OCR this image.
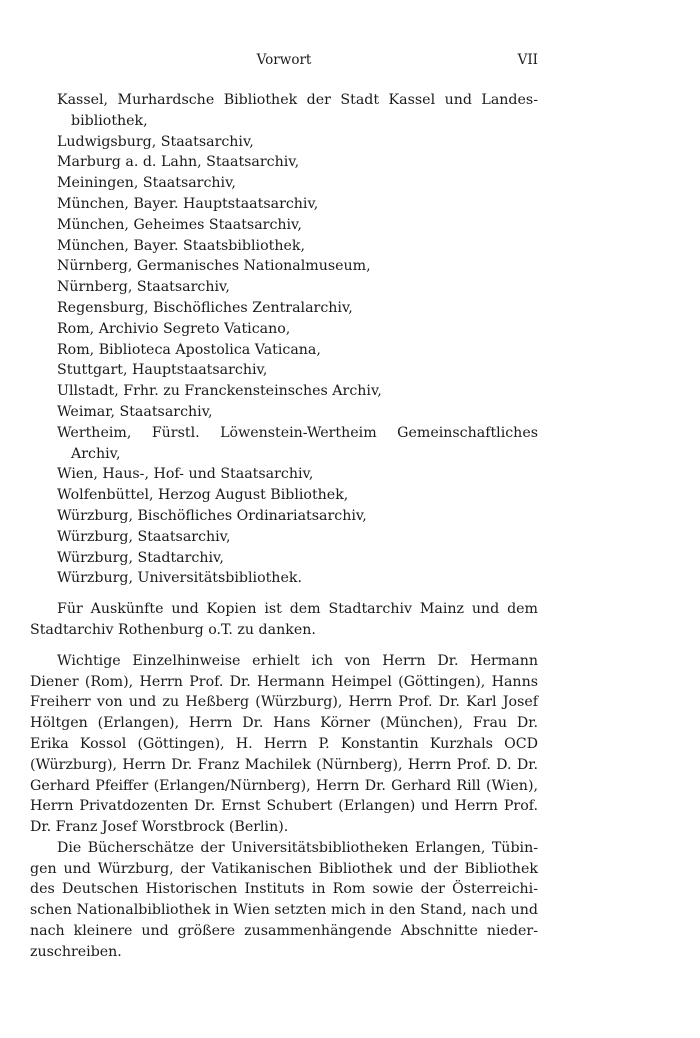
Vorwort	VII
Kassel, Murhardsche Bibliothek der Stadt Kassel und Landesbibliothek,
Ludwigsburg, Staatsarchiv,
Marburg a. d. Lahn, Staatsarchiv,
Meiningen, Staatsarchiv,
München, Bayer. Hauptstaatsarchiv,
München, Geheimes Staatsarchiv,
München, Bayer. Staatsbibliothek,
Nürnberg, Germanisches Nationalmuseum,
Nürnberg, Staatsarchiv,
Regensburg, Bischöfliches Zentralarchiv,
Rom, Archivio Segreto Vaticano,
Rom, Biblioteca Apostolica Vaticana,
Stuttgart, Hauptstaatsarchiv,
Ullstadt, Frhr. zu Franckensteinsches Archiv,
Weimar, Staatsarchiv,
Wertheim, Fürstl. Löwenstein-Wertheim Gemeinschaftliches Archiv,
Wien, Haus-, Hof- und Staatsarchiv,
Wolfenbüttel, Herzog August Bibliothek,
Würzburg, Bischöfliches Ordinariatsarchiv,
Würzburg, Staatsarchiv,
Würzburg, Stadtarchiv,
Würzburg, Universitätsbibliothek.

Für Auskünfte und Kopien ist dem Stadtarchiv Mainz und dem Stadtarchiv Rothenburg o.T. zu danken.

Wichtige Einzelhinweise erhielt ich von Herrn Dr. Hermann Diener (Rom), Herrn Prof. Dr. Hermann Heimpel (Göttingen), Hanns Freiherr von und zu Heßberg (Würzburg), Herrn Prof. Dr. Karl Josef Höltgen (Erlangen), Herrn Dr. Hans Körner (München), Frau Dr. Erika Kossol (Göttingen), H. Herrn P. Konstantin Kurzhals OCD (Würzburg), Herrn Dr. Franz Machilek (Nürnberg), Herrn Prof. D. Dr. Gerhard Pfeiffer (Erlangen/Nürnberg), Herrn Dr. Gerhard Rill (Wien), Herrn Privatdozenten Dr. Ernst Schubert (Erlangen) und Herrn Prof. Dr. Franz Josef Worstbrock (Berlin).

Die Bücherschätze der Universitätsbibliotheken Erlangen, Tübingen und Würzburg, der Vatikanischen Bibliothek und der Bibliothek des Deutschen Historischen Instituts in Rom sowie der Österreichischen Nationalbibliothek in Wien setzten mich in den Stand, nach und nach kleinere und größere zusammenhängende Abschnitte niederzuschreiben.
